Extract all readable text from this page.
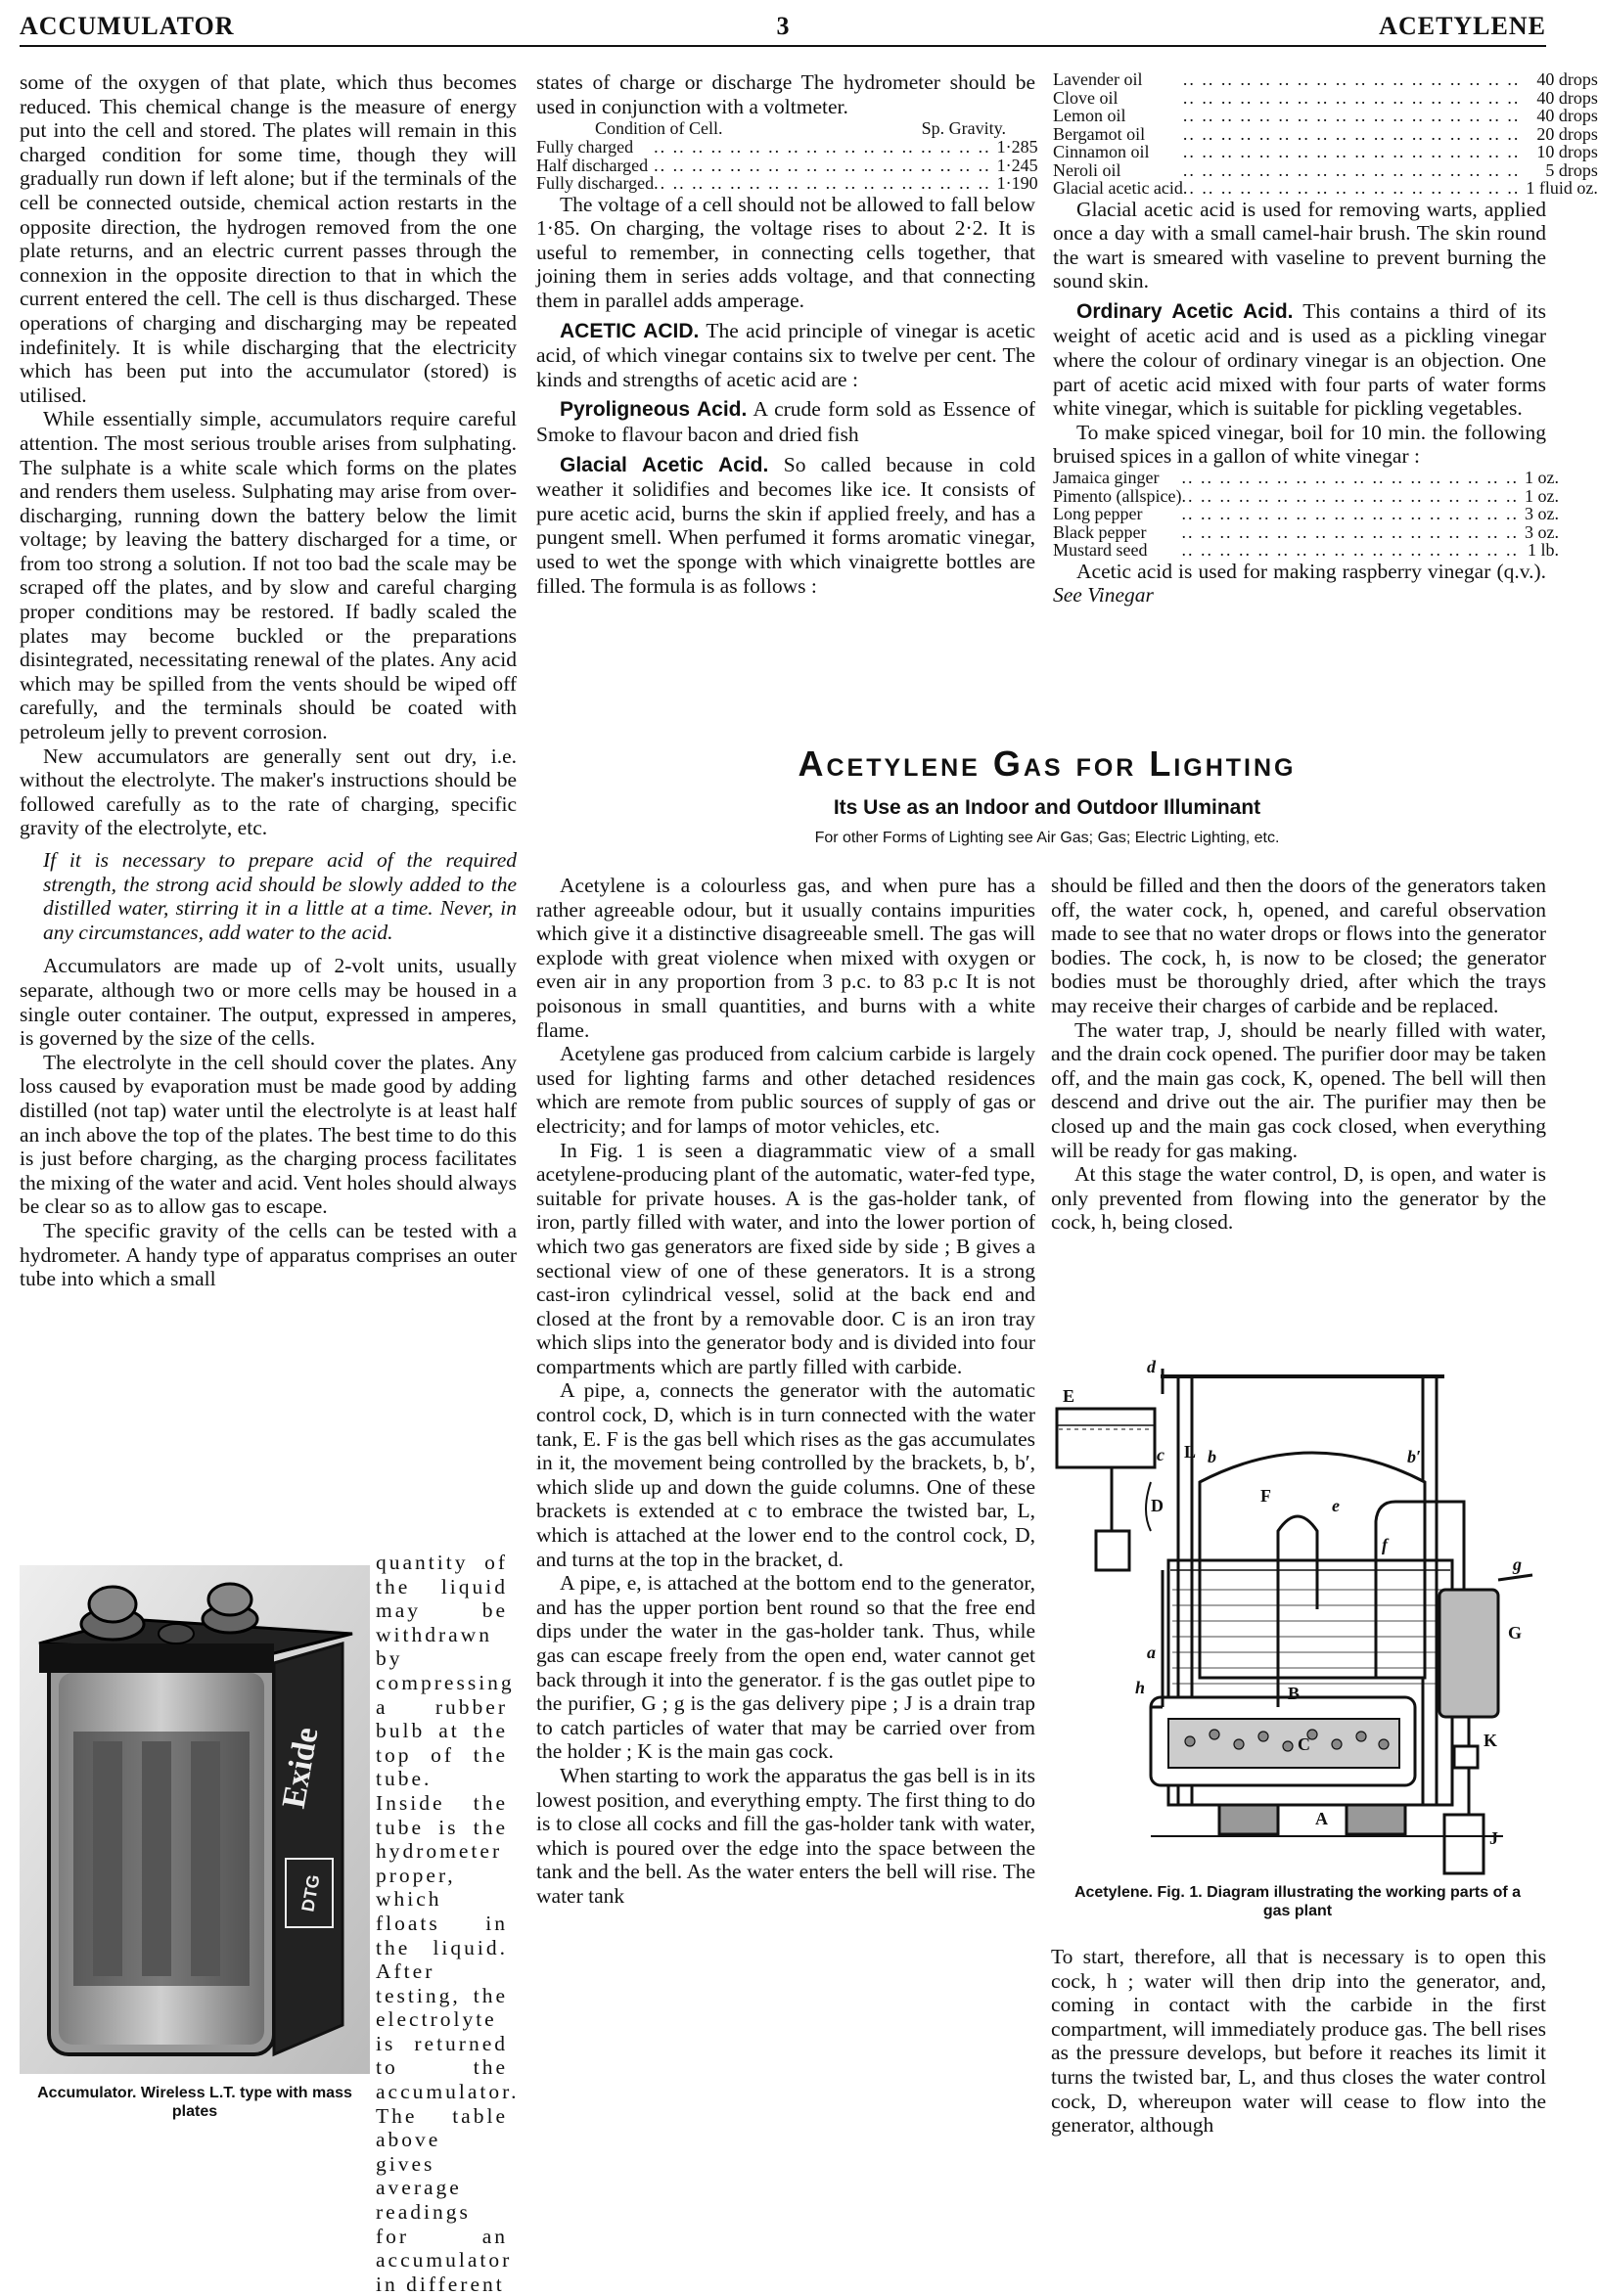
ACCUMULATOR	3	ACETYLENE

some of the oxygen of that plate, which thus becomes reduced. This chemical change is the measure of energy put into the cell and stored. The plates will remain in this charged condition for some time, though they will gradually run down if left alone; but if the terminals of the cell be connected outside, chemical action restarts in the opposite direction, the hydrogen removed from the one plate returns, and an electric current passes through the connexion in the opposite direction to that in which the current entered the cell. The cell is thus discharged. These operations of charging and discharging may be repeated indefinitely. It is while discharging that the electricity which has been put into the accumulator (stored) is utilised.

While essentially simple, accumulators require careful attention. The most serious trouble arises from sulphating. The sulphate is a white scale which forms on the plates and renders them useless. Sulphating may arise from over-discharging, running down the battery below the limit voltage; by leaving the battery discharged for a time, or from too strong a solution. If not too bad the scale may be scraped off the plates, and by slow and careful charging proper conditions may be restored. If badly scaled the plates may become buckled or the preparations disintegrated, necessitating renewal of the plates. Any acid which may be spilled from the vents should be wiped off carefully, and the terminals should be coated with petroleum jelly to prevent corrosion.

New accumulators are generally sent out dry, i.e. without the electrolyte. The maker's instructions should be followed carefully as to the rate of charging, specific gravity of the electrolyte, etc.

If it is necessary to prepare acid of the required strength, the strong acid should be slowly added to the distilled water, stirring it in a little at a time. Never, in any circumstances, add water to the acid.

Accumulators are made up of 2-volt units, usually separate, although two or more cells may be housed in a single outer container. The output, expressed in amperes, is governed by the size of the cells.

The electrolyte in the cell should cover the plates. Any loss caused by evaporation must be made good by adding distilled (not tap) water until the electrolyte is at least half an inch above the top of the plates. The best time to do this is just before charging, as the charging process facilitates the mixing of the water and acid. Vent holes should always be clear so as to allow gas to escape.

The specific gravity of the cells can be tested with a hydrometer. A handy type of apparatus comprises an outer tube into which a small

Exide
DTG
Accumulator. Wireless L.T. type with mass plates
quantity of the liquid may be withdrawn by compressing a rubber bulb at the top of the tube. Inside the tube is the hydrometer proper, which floats in the liquid. After testing, the electrolyte is returned to the accumulator. The table above gives average readings for an accumulator in different

states of charge or discharge The hydrometer should be used in conjunction with a voltmeter.

Condition of Cell.	Sp. Gravity.
Fully charged	.. ..	1·285
Half discharged	.. ..	1·245
Fully discharged	.. ..	1·190

The voltage of a cell should not be allowed to fall below 1·85. On charging, the voltage rises to about 2·2. It is useful to remember, in connecting cells together, that joining them in series adds voltage, and that connecting them in parallel adds amperage.

ACETIC ACID. The acid principle of vinegar is acetic acid, of which vinegar contains six to twelve per cent. The kinds and strengths of acetic acid are :

Pyroligneous Acid. A crude form sold as Essence of Smoke to flavour bacon and dried fish

Glacial Acetic Acid. So called because in cold weather it solidifies and becomes like ice. It consists of pure acetic acid, burns the skin if applied freely, and has a pungent smell. When perfumed it forms aromatic vinegar, used to wet the sponge with which vinaigrette bottles are filled. The formula is as follows :

Lavender oil	.. ..	40 drops
Clove oil	.. ..	40 drops
Lemon oil	.. ..	40 drops
Bergamot oil	.. ..	20 drops
Cinnamon oil	.. ..	10 drops
Neroli oil	.. ..	5 drops
Glacial acetic acid	.. ..	1 fluid oz.

Glacial acetic acid is used for removing warts, applied once a day with a small camel-hair brush. The skin round the wart is smeared with vaseline to prevent burning the sound skin.

Ordinary Acetic Acid. This contains a third of its weight of acetic acid and is used as a pickling vinegar where the colour of ordinary vinegar is an objection. One part of acetic acid mixed with four parts of water forms white vinegar, which is suitable for pickling vegetables.

To make spiced vinegar, boil for 10 min. the following bruised spices in a gallon of white vinegar :

Jamaica ginger	.. ..	1 oz.
Pimento (allspice)	.. ..	1 oz.
Long pepper	.. ..	3 oz.
Black pepper	.. ..	3 oz.
Mustard seed	.. ..	1 lb.

Acetic acid is used for making raspberry vinegar (q.v.). See Vinegar

Acetylene Gas for Lighting
Its Use as an Indoor and Outdoor Illuminant
For other Forms of Lighting see Air Gas; Gas; Electric Lighting, etc.

Acetylene is a colourless gas, and when pure has a rather agreeable odour, but it usually contains impurities which give it a distinctive disagreeable smell. The gas will explode with great violence when mixed with oxygen or even air in any proportion from 3 p.c. to 83 p.c It is not poisonous in small quantities, and burns with a white flame.

Acetylene gas produced from calcium carbide is largely used for lighting farms and other detached residences which are remote from public sources of supply of gas or electricity; and for lamps of motor vehicles, etc.

In Fig. 1 is seen a diagrammatic view of a small acetylene-producing plant of the automatic, water-fed type, suitable for private houses. A is the gas-holder tank, of iron, partly filled with water, and into the lower portion of which two gas generators are fixed side by side ; B gives a sectional view of one of these generators. It is a strong cast-iron cylindrical vessel, solid at the back end and closed at the front by a removable door. C is an iron tray which slips into the generator body and is divided into four compartments which are partly filled with carbide.

A pipe, a, connects the generator with the automatic control cock, D, which is in turn connected with the water tank, E. F is the gas bell which rises as the gas accumulates in it, the movement being controlled by the brackets, b, b′, which slide up and down the guide columns. One of these brackets is extended at c to embrace the twisted bar, L, which is attached at the lower end to the control cock, D, and turns at the top in the bracket, d.

A pipe, e, is attached at the bottom end to the generator, and has the upper portion bent round so that the free end dips under the water in the gas-holder tank. Thus, while gas can escape freely from the open end, water cannot get back through it into the generator. f is the gas outlet pipe to the purifier, G ; g is the gas delivery pipe ; J is a drain trap to catch particles of water that may be carried over from the holder ; K is the main gas cock.

When starting to work the apparatus the gas bell is in its lowest position, and everything empty. The first thing to do is to close all cocks and fill the gas-holder tank with water, which is poured over the edge into the space between the tank and the bell. As the water enters the bell will rise. The water tank

should be filled and then the doors of the generators taken off, the water cock, h, opened, and careful observation made to see that no water drops or flows into the generator bodies. The cock, h, is now to be closed; the generator bodies must be thoroughly dried, after which the trays may receive their charges of carbide and be replaced.

The water trap, J, should be nearly filled with water, and the drain cock opened. The purifier door may be taken off, and the main gas cock, K, opened. The bell will then descend and drive out the air. The purifier may then be closed up and the main gas cock closed, when everything will be ready for gas making.

At this stage the water control, D, is open, and water is only prevented from flowing into the generator by the cock, h, being closed.

E
d
L b	b′
c
F
D	e
f
g
G
a
h	B
C	K
A
J
Acetylene. Fig. 1. Diagram illustrating the working parts of a gas plant

To start, therefore, all that is necessary is to open this cock, h ; water will then drip into the generator, and, coming in contact with the carbide in the first compartment, will immediately produce gas. The bell rises as the pressure develops, but before it reaches its limit it turns the twisted bar, L, and thus closes the water control cock, D, whereupon water will cease to flow into the generator, although
